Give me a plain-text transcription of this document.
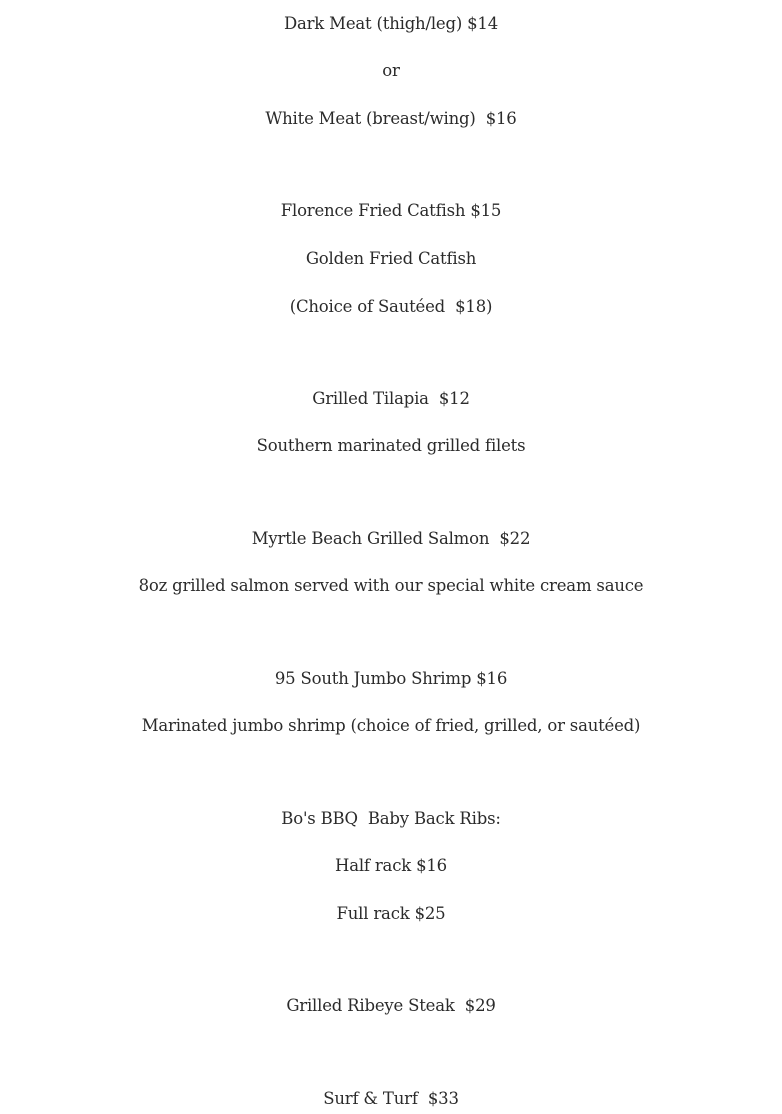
Dark Meat (thigh/leg) $14
or
White Meat (breast/wing)  $16
Florence Fried Catfish $15
Golden Fried Catfish
(Choice of Sautéed  $18)
Grilled Tilapia  $12
Southern marinated grilled filets
Myrtle Beach Grilled Salmon  $22
8oz grilled salmon served with our special white cream sauce
95 South Jumbo Shrimp $16
Marinated jumbo shrimp (choice of fried, grilled, or sautéed)
Bo's BBQ  Baby Back Ribs:
Half rack $16
Full rack $25
Grilled Ribeye Steak  $29
Surf & Turf  $33
